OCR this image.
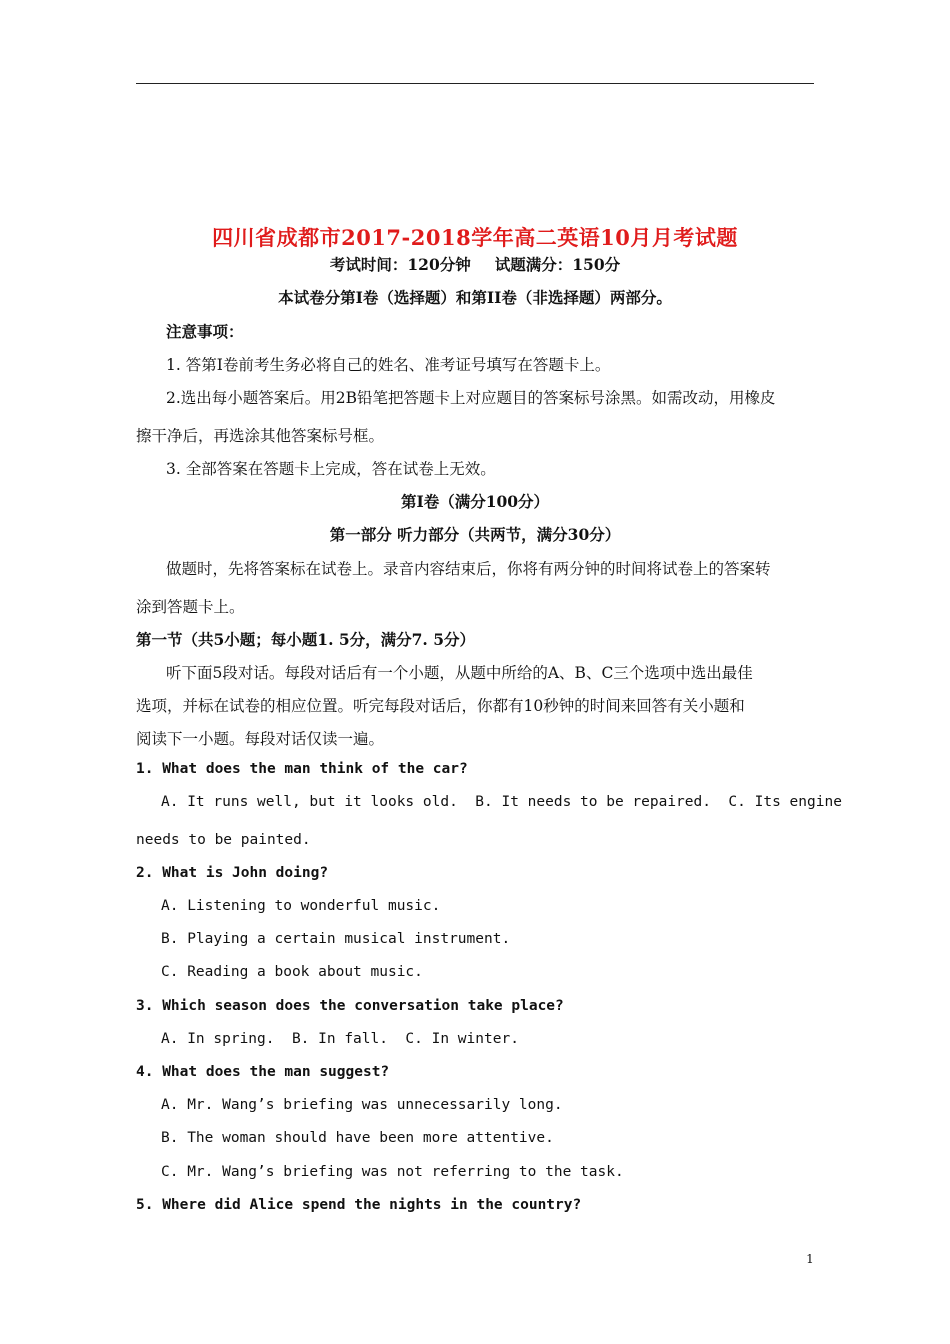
四川省成都市2017-2018学年高二英语10月月考试题
考试时间：120分钟 试题满分：150分
本试卷分第Ⅰ卷（选择题）和第II卷（非选择题）两部分。
注意事项：
1. 答第Ⅰ卷前考生务必将自己的姓名、准考证号填写在答题卡上。
2.选出每小题答案后。用2B铅笔把答题卡上对应题目的答案标号涂黑。如需改动，用橡皮
擦干净后，再选涂其他答案标号框。
3. 全部答案在答题卡上完成，答在试卷上无效。
第Ⅰ卷（满分100分）
第一部分 听力部分（共两节，满分30分）
做题时，先将答案标在试卷上。录音内容结束后，你将有两分钟的时间将试卷上的答案转
涂到答题卡上。
第一节（共5小题；每小题1. 5分，满分7. 5分）
听下面5段对话。每段对话后有一个小题，从题中所给的A、B、C三个选项中选出最佳
选项，并标在试卷的相应位置。听完每段对话后，你都有10秒钟的时间来回答有关小题和
阅读下一小题。每段对话仅读一遍。
1. What does the man think of the car?
A. It runs well, but it looks old.  B. It needs to be repaired.  C. Its engine
needs to be painted.
2. What is John doing?
A. Listening to wonderful music.
B. Playing a certain musical instrument.
C. Reading a book about music.
3. Which season does the conversation take place?
A. In spring.  B. In fall.  C. In winter.
4. What does the man suggest?
A. Mr. Wang’s briefing was unnecessarily long.
B. The woman should have been more attentive.
C. Mr. Wang’s briefing was not referring to the task.
5. Where did Alice spend the nights in the country?
1
